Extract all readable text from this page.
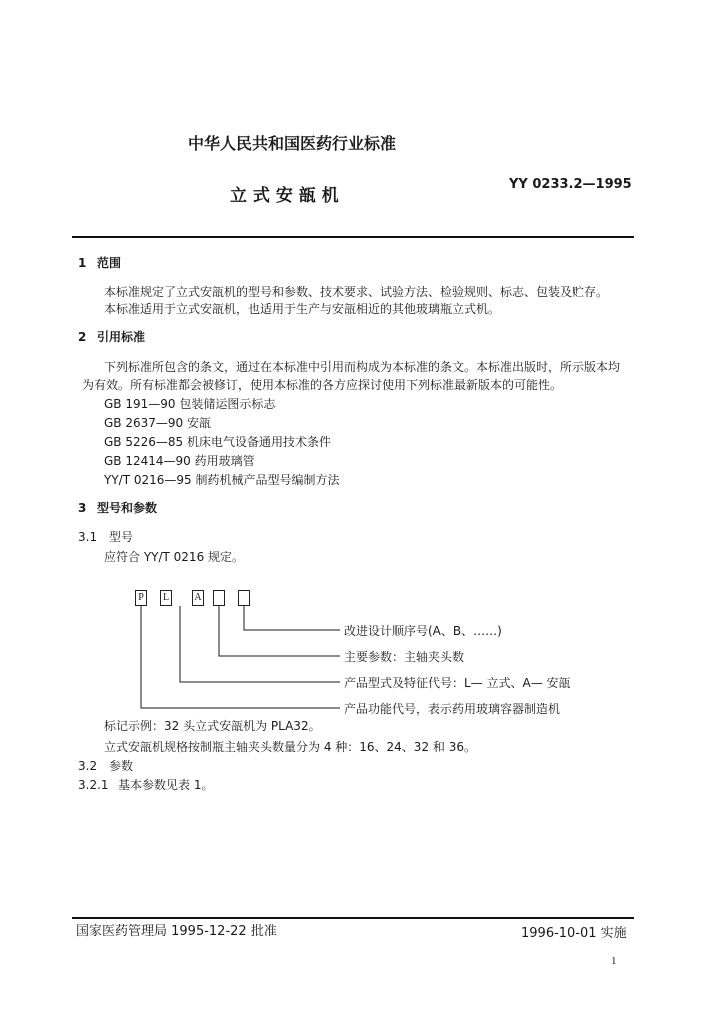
中华人民共和国医药行业标准
立 式 安 瓿 机
YY 0233.2—1995
1 范围
本标准规定了立式安瓿机的型号和参数、技术要求、试验方法、检验规则、标志、包装及贮存。
本标准适用于立式安瓿机，也适用于生产与安瓿相近的其他玻璃瓶立式机。
2 引用标准
下列标准所包含的条文，通过在本标准中引用而构成为本标准的条文。本标准出版时，所示版本均
为有效。所有标准都会被修订，使用本标准的各方应探讨使用下列标准最新版本的可能性。
GB 191—90 包装储运图示标志
GB 2637—90 安瓿
GB 5226—85 机床电气设备通用技术条件
GB 12414—90 药用玻璃管
YY/T 0216—95 制药机械产品型号编制方法
3 型号和参数
3.1 型号
应符合 YY/T 0216 规定。
P	L	A
改进设计顺序号(A、B、……)
主要参数：主轴夹头数
产品型式及特征代号：L— 立式、A— 安瓿
产品功能代号，表示药用玻璃容器制造机
标记示例：32 头立式安瓿机为 PLA32。
立式安瓿机规格按制瓶主轴夹头数量分为 4 种：16、24、32 和 36。
3.2 参数
3.2.1 基本参数见表 1。
国家医药管理局 1995-12-22 批准	1996-10-01 实施
1
